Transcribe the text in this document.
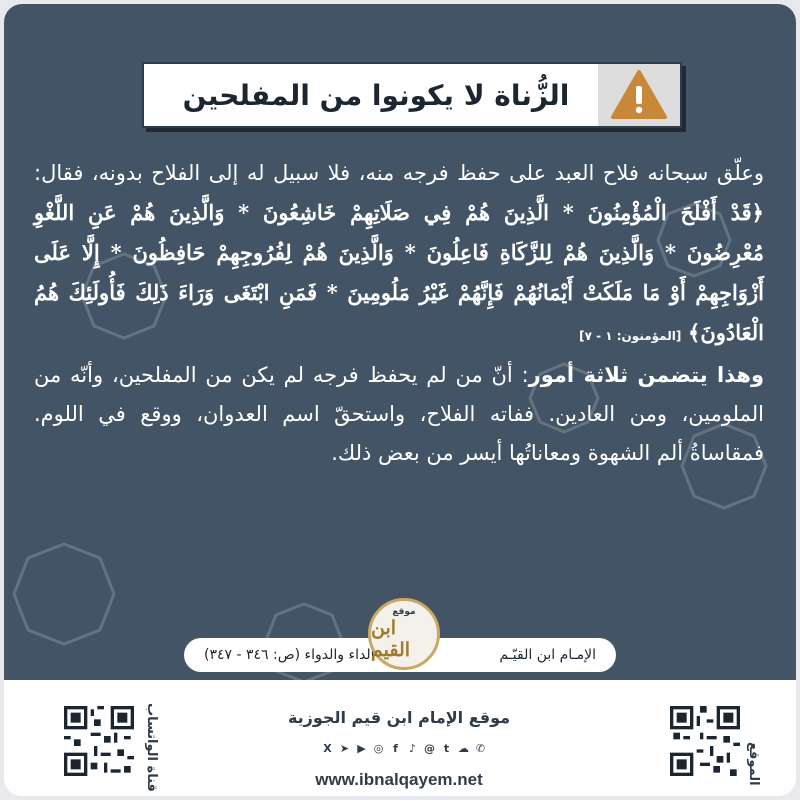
الزُّناة لا يكونوا من المفلحين
وعلّق سبحانه فلاح العبد على حفظ فرجه منه، فلا سبيل له إلى الفلاح بدونه، فقال: ﴿قَدْ أَفْلَحَ الْمُؤْمِنُونَ * الَّذِينَ هُمْ فِي صَلَاتِهِمْ خَاشِعُونَ * وَالَّذِينَ هُمْ عَنِ اللَّغْوِ مُعْرِضُونَ * وَالَّذِينَ هُمْ لِلزَّكَاةِ فَاعِلُونَ * وَالَّذِينَ هُمْ لِفُرُوجِهِمْ حَافِظُونَ * إِلَّا عَلَى أَزْوَاجِهِمْ أَوْ مَا مَلَكَتْ أَيْمَانُهُمْ فَإِنَّهُمْ غَيْرُ مَلُومِينَ * فَمَنِ ابْتَغَى وَرَاءَ ذَلِكَ فَأُولَئِكَ هُمُ الْعَادُونَ﴾ [المؤمنون: ١ - ٧]
وهذا يتضمن ثلاثة أمور: أنّ من لم يحفظ فرجه لم يكن من المفلحين، وأنّه من الملومين، ومن العادين. ففاته الفلاح، واستحقّ اسم العدوان، ووقع في اللوم. فمقاساةُ ألم الشهوة ومعاناتُها أيسر من بعض ذلك.
الإمـام ابن القيّـم
الداء والدواء (ص: ٣٤٦ - ٣٤٧)
موقع
ابن القيم
قناة الواتساب	موقع الإمام ابن قيم الجوزية
X ➤ ▶ ◎ f	♪ @ t ☁ ✆
www.ibnalqayem.net	الموقع
